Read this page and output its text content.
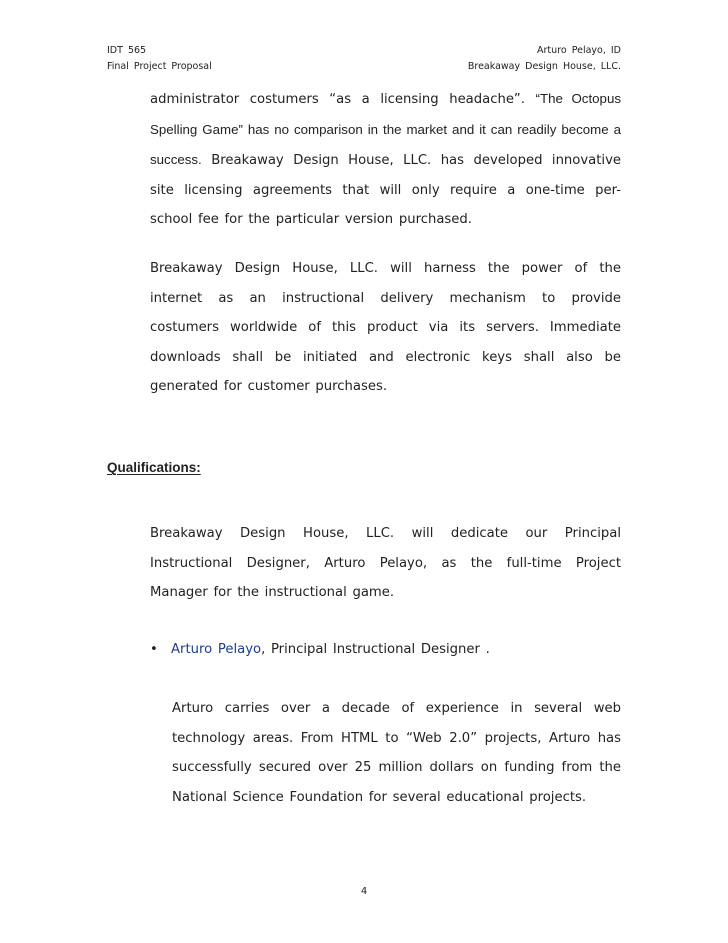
IDT 565
Final Project Proposal
Arturo Pelayo, ID
Breakaway Design House, LLC.
administrator costumers “as a licensing headache”. “The Octopus Spelling Game” has no comparison in the market and it can readily become a success. Breakaway Design House, LLC. has developed innovative site licensing agreements that will only require a one-time per-school fee for the particular version purchased.
Breakaway Design House, LLC. will harness the power of the internet as an instructional delivery mechanism to provide costumers worldwide of this product via its servers. Immediate downloads shall be initiated and electronic keys shall also be generated for customer purchases.
Qualifications:
Breakaway Design House, LLC. will dedicate our Principal Instructional Designer, Arturo Pelayo, as the full-time Project Manager for the instructional game.
• Arturo Pelayo, Principal Instructional Designer .
Arturo carries over a decade of experience in several web technology areas. From HTML to “Web 2.0” projects, Arturo has successfully secured over 25 million dollars on funding from the National Science Foundation for several educational projects.
4
